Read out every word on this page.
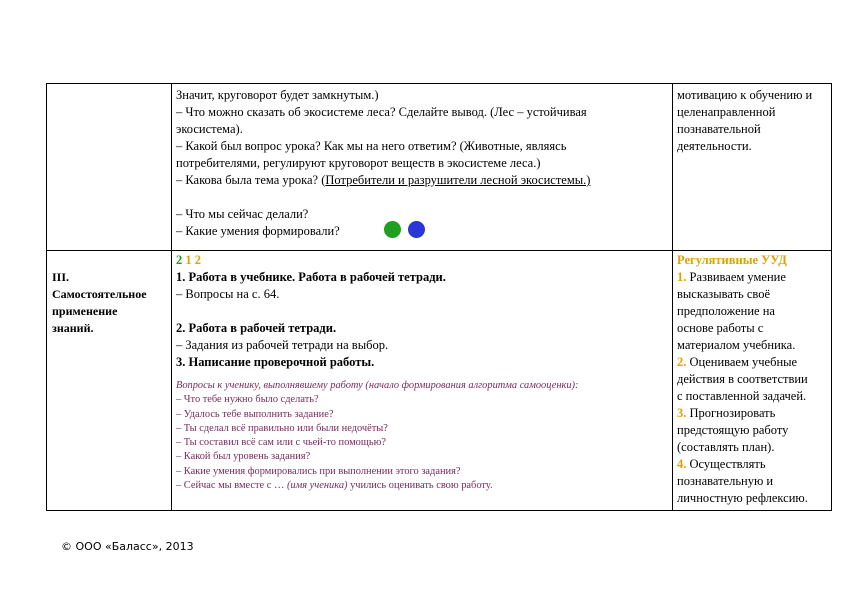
Значит, круговорот будет замкнутым.)

– Что можно сказать об экосистеме леса? Сделайте вывод. (Лес – устойчивая

экосистема).

– Какой был вопрос урока? Как мы на него ответим? (Животные, являясь

потребителями, регулируют круговорот веществ в экосистеме леса.)

– Какова была тема урока? (Потребители и разрушители лесной экосистемы.)

– Что мы сейчас делали?

– Какие умения формировали?

мотивацию к обучению и

целенаправленной

познавательной

деятельности.

III.

Самостоятельное

применение

знаний.

2 1 2

1. Работа в учебнике. Работа в рабочей тетради.

– Вопросы на с. 64.

2. Работа в рабочей тетради.

– Задания из рабочей тетради на выбор.

3. Написание проверочной работы.

Вопросы к ученику, выполнявшему работу (начало формирования алгоритма самооценки):

– Что тебе нужно было сделать?

– Удалось тебе выполнить задание?

– Ты сделал всё правильно или были недочёты?

– Ты составил всё сам или с чьей-то помощью?

– Какой был уровень задания?

– Какие умения формировались при выполнении этого задания?

– Сейчас мы вместе с … (имя ученика) учились оценивать свою работу.

Регулятивные УУД

1. Развиваем умение

высказывать своё

предположение на

основе работы с

материалом учебника.

2. Оцениваем учебные

действия в соответствии

с поставленной задачей.

3. Прогнозировать

предстоящую работу

(составлять план).

4. Осуществлять

познавательную и

личностную рефлексию.

© ООО «Баласс», 2013
